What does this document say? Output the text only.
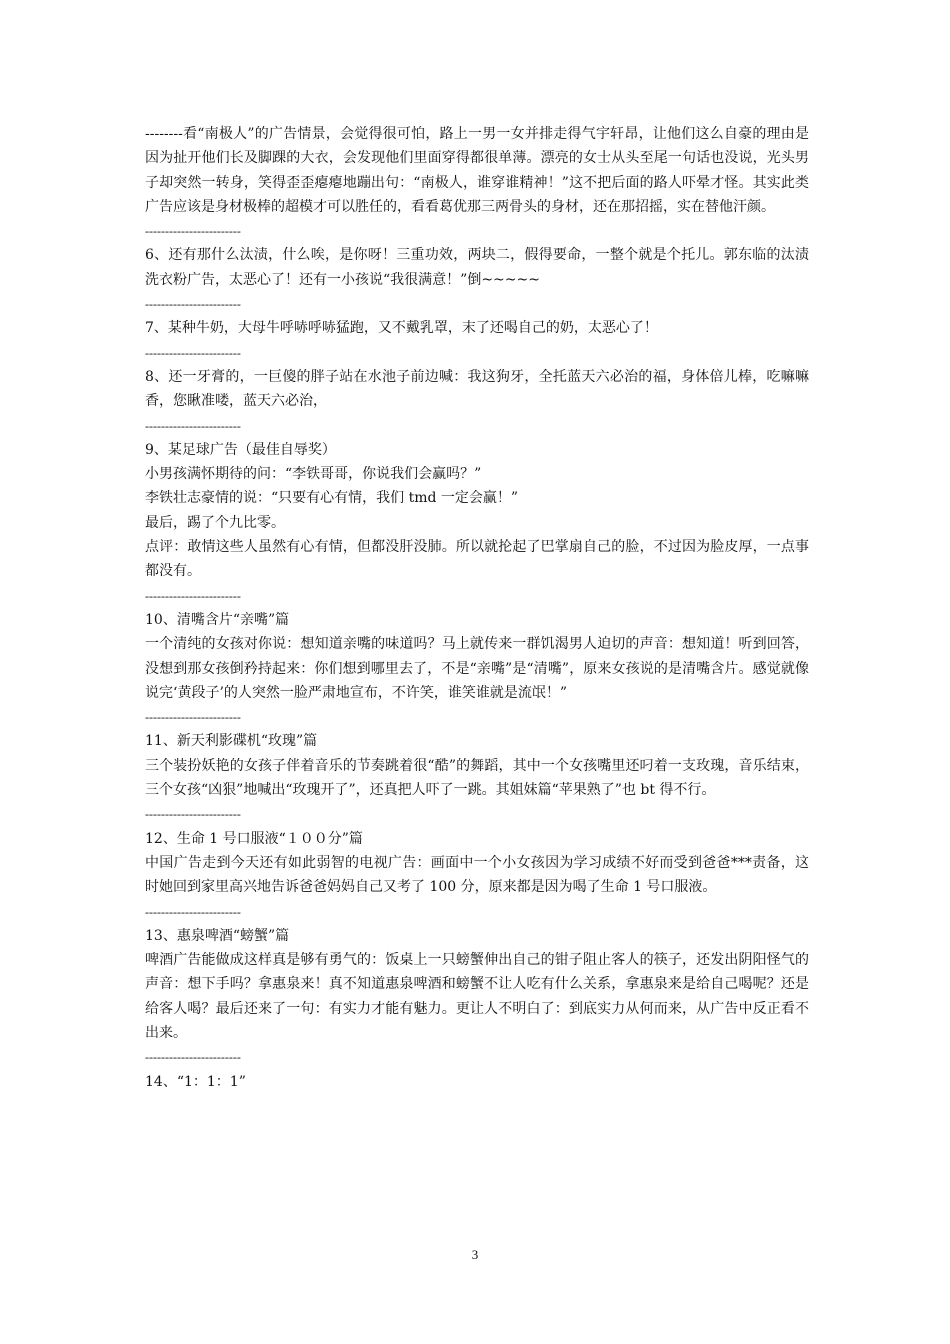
--------看“南极人”的广告情景，会觉得很可怕，路上一男一女并排走得气宇轩昂，让他们这么自豪的理由是因为扯开他们长及脚踝的大衣，会发现他们里面穿得都很单薄。漂亮的女士从头至尾一句话也没说，光头男子却突然一转身，笑得歪歪瘪瘪地蹦出句：“南极人，谁穿谁精神！”这不把后面的路人吓晕才怪。其实此类广告应该是身材极棒的超模才可以胜任的，看看葛优那三两骨头的身材，还在那招摇，实在替他汗颜。

------------------------

6、还有那什么汰渍，什么唉，是你呀！三重功效，两块二，假得要命，一整个就是个托儿。郭东临的汰渍洗衣粉广告，太恶心了！还有一小孩说“我很满意！”倒~~~~~

------------------------

7、某种牛奶，大母牛呼哧呼哧猛跑，又不戴乳罩，末了还喝自己的奶，太恶心了！

------------------------

8、还一牙膏的，一巨傻的胖子站在水池子前边喊：我这狗牙，全托蓝天六必治的福，身体倍儿棒，吃嘛嘛香，您瞅准喽，蓝天六必治，

------------------------

9、某足球广告（最佳自辱奖）

小男孩满怀期待的问：“李铁哥哥，你说我们会赢吗？”

李铁壮志豪情的说：“只要有心有情，我们 tmd 一定会赢！”

最后，踢了个九比零。

点评：敢情这些人虽然有心有情，但都没肝没肺。所以就抡起了巴掌扇自己的脸，不过因为脸皮厚，一点事都没有。

------------------------

10、清嘴含片“亲嘴”篇

一个清纯的女孩对你说：想知道亲嘴的味道吗？马上就传来一群饥渴男人迫切的声音：想知道！听到回答，没想到那女孩倒矜持起来：你们想到哪里去了，不是“亲嘴”是“清嘴”，原来女孩说的是清嘴含片。感觉就像说完‘黄段子’的人突然一脸严肃地宣布，不许笑，谁笑谁就是流氓！”

------------------------

11、新天利影碟机“玫瑰”篇

三个装扮妖艳的女孩子伴着音乐的节奏跳着很“酷”的舞蹈，其中一个女孩嘴里还叼着一支玫瑰，音乐结束，三个女孩“凶狠”地喊出“玫瑰开了”，还真把人吓了一跳。其姐妹篇“苹果熟了”也 bt 得不行。

------------------------

12、生命 1 号口服液“１００分”篇

中国广告走到今天还有如此弱智的电视广告：画面中一个小女孩因为学习成绩不好而受到爸爸***责备，这时她回到家里高兴地告诉爸爸妈妈自己又考了 100 分，原来都是因为喝了生命 1 号口服液。

------------------------

13、惠泉啤酒“螃蟹”篇

啤酒广告能做成这样真是够有勇气的：饭桌上一只螃蟹伸出自己的钳子阻止客人的筷子，还发出阴阳怪气的声音：想下手吗？拿惠泉来！真不知道惠泉啤酒和螃蟹不让人吃有什么关系，拿惠泉来是给自己喝呢？还是给客人喝？最后还来了一句：有实力才能有魅力。更让人不明白了：到底实力从何而来，从广告中反正看不出来。

------------------------

14、“1：1：1”

3
